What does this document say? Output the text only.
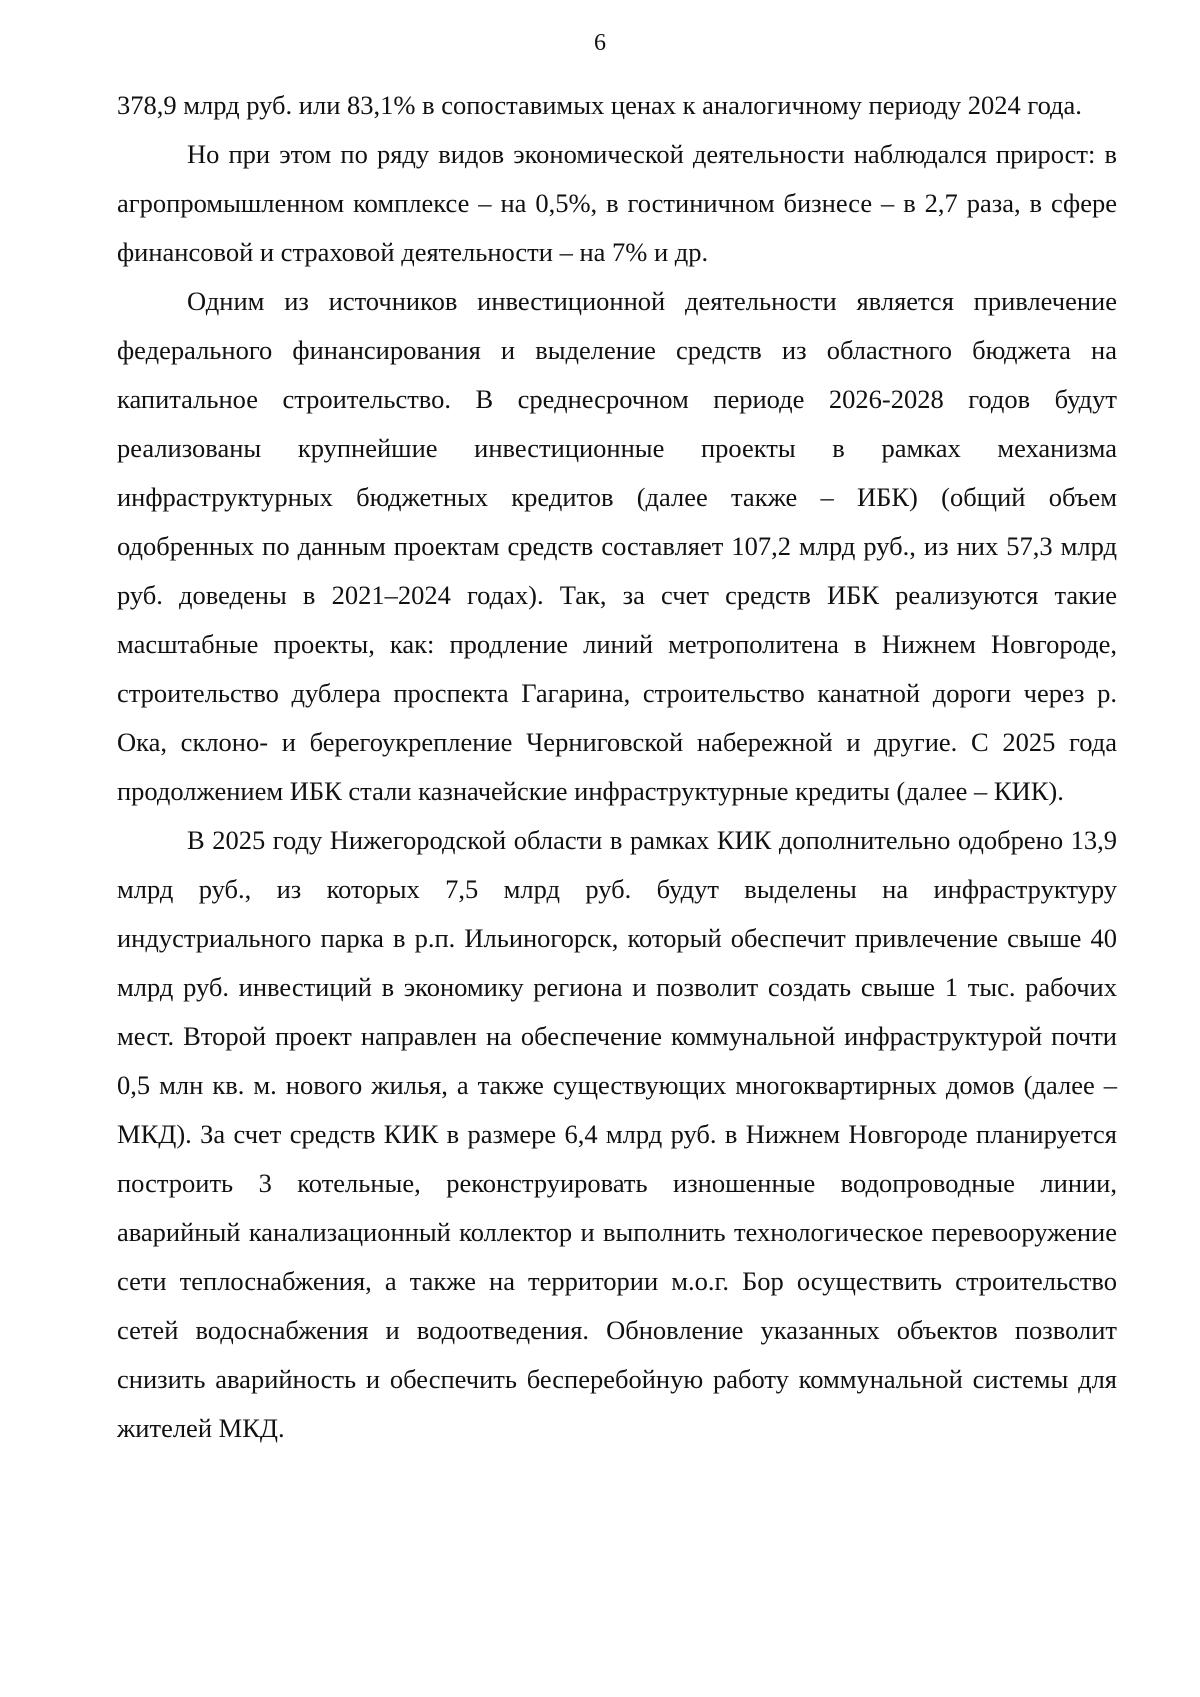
6

378,9 млрд руб. или 83,1% в сопоставимых ценах к аналогичному периоду 2024 года.

Но при этом по ряду видов экономической деятельности наблюдался прирост: в агропромышленном комплексе – на 0,5%, в гостиничном бизнесе – в 2,7 раза, в сфере финансовой и страховой деятельности – на 7% и др.

Одним из источников инвестиционной деятельности является привлечение федерального финансирования и выделение средств из областного бюджета на капитальное строительство. В среднесрочном периоде 2026-2028 годов будут реализованы крупнейшие инвестиционные проекты в рамках механизма инфраструктурных бюджетных кредитов (далее также – ИБК) (общий объем одобренных по данным проектам средств составляет 107,2 млрд руб., из них 57,3 млрд руб. доведены в 2021–2024 годах). Так, за счет средств ИБК реализуются такие масштабные проекты, как: продление линий метрополитена в Нижнем Новгороде, строительство дублера проспекта Гагарина, строительство канатной дороги через р. Ока, склоно- и берегоукрепление Черниговской набережной и другие. С 2025 года продолжением ИБК стали казначейские инфраструктурные кредиты (далее – КИК).

В 2025 году Нижегородской области в рамках КИК дополнительно одобрено 13,9 млрд руб., из которых 7,5 млрд руб. будут выделены на инфраструктуру индустриального парка в р.п. Ильиногорск, который обеспечит привлечение свыше 40 млрд руб. инвестиций в экономику региона и позволит создать свыше 1 тыс. рабочих мест. Второй проект направлен на обеспечение коммунальной инфраструктурой почти 0,5 млн кв. м. нового жилья, а также существующих многоквартирных домов (далее – МКД). За счет средств КИК в размере 6,4 млрд руб. в Нижнем Новгороде планируется построить 3 котельные, реконструировать изношенные водопроводные линии, аварийный канализационный коллектор и выполнить технологическое перевооружение сети теплоснабжения, а также на территории м.о.г. Бор осуществить строительство сетей водоснабжения и водоотведения. Обновление указанных объектов позволит снизить аварийность и обеспечить бесперебойную работу коммунальной системы для жителей МКД.
